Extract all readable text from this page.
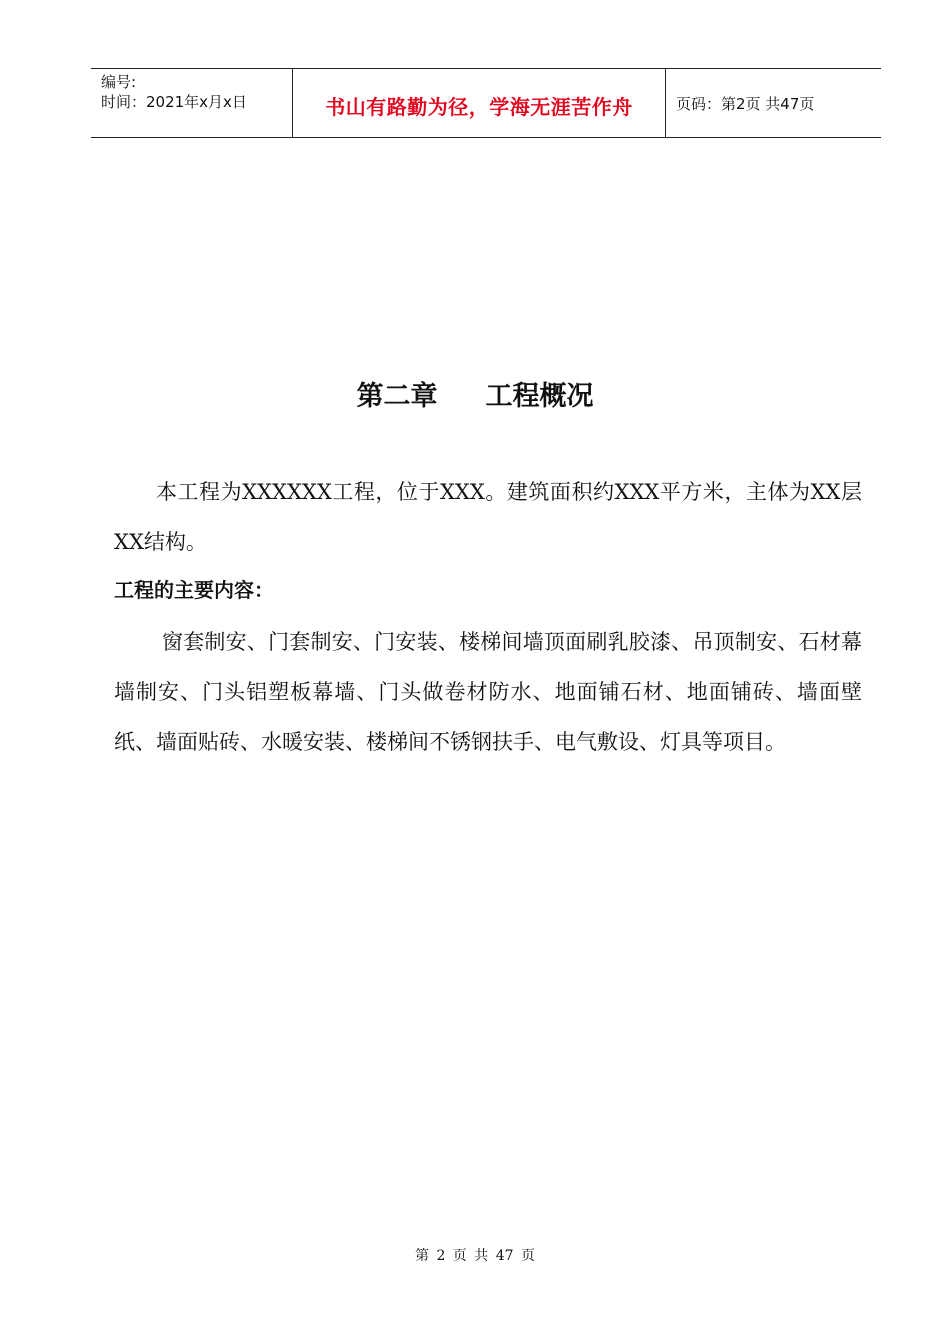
编号:
时间：2021年x月x日	书山有路勤为径，学海无涯苦作舟	页码：第2页 共47页
第二章 工程概况
本工程为XXXXXX工程，位于XXX。建筑面积约XXX平方米，主体为XX层XX结构。
工程的主要内容：
窗套制安、门套制安、门安装、楼梯间墙顶面刷乳胶漆、吊顶制安、石材幕墙制安、门头铝塑板幕墙、门头做卷材防水、地面铺石材、地面铺砖、墙面壁纸、墙面贴砖、水暖安装、楼梯间不锈钢扶手、电气敷设、灯具等项目。
第 2 页 共 47 页
